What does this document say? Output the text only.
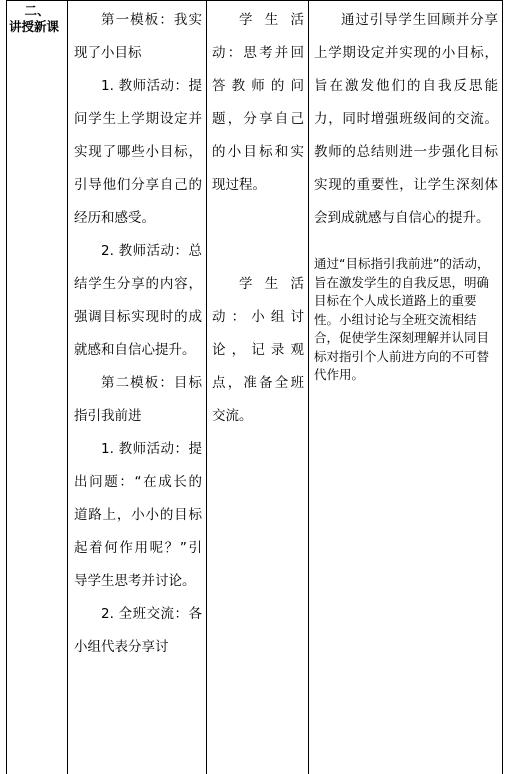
二、

讲授新课	第一模板：我实现了小目标

1. 教师活动：提问学生上学期设定并实现了哪些小目标，引导他们分享自己的经历和感受。

2. 教师活动：总结学生分享的内容，强调目标实现时的成就感和自信心提升。

第二模板：目标指引我前进

1. 教师活动：提出问题：“在成长的道路上，小小的目标起着何作用呢？”引导学生思考并讨论。

2. 全班交流：各小组代表分享讨

学生活动：思考并回答教师的问题，分享自己的小目标和实现过程。

学生活动：小组讨论，记录观点，准备全班交流。

通过引导学生回顾并分享上学期设定并实现的小目标，旨在激发他们的自我反思能力，同时增强班级间的交流。教师的总结则进一步强化目标实现的重要性，让学生深刻体会到成就感与自信心的提升。

通过“目标指引我前进”的活动，旨在激发学生的自我反思，明确目标在个人成长道路上的重要性。小组讨论与全班交流相结合，促使学生深刻理解并认同目标对指引个人前进方向的不可替代作用。
